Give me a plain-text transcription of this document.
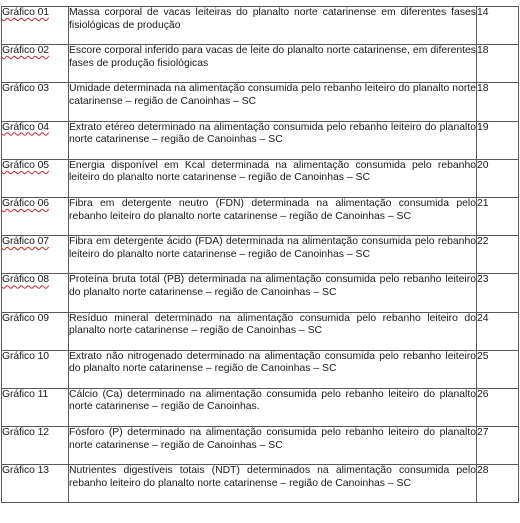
Gráfico 01	Massa corporal de vacas leiteiras do planalto norte catarinense em diferentes fases fisiológicas de produção	14
Gráfico 02	Escore corporal inferido para vacas de leite do planalto norte catarinense, em diferentes fases de produção fisiológicas	18
Gráfico 03	Umidade determinada na alimentação consumida pelo rebanho leiteiro do planalto norte catarinense – região de Canoinhas – SC	18
Gráfico 04	Extrato etéreo determinado na alimentação consumida pelo rebanho leiteiro do planalto norte catarinense – região de Canoinhas – SC	19
Gráfico 05	Energia disponível em Kcal determinada na alimentação consumida pelo rebanho leiteiro do planalto norte catarinense – região de Canoinhas – SC	20
Gráfico 06	Fibra em detergente neutro (FDN) determinada na alimentação consumida pelo rebanho leiteiro do planalto norte catarinense – região de Canoinhas – SC	21
Gráfico 07	Fibra em detergente ácido (FDA) determinada na alimentação consumida pelo rebanho leiteiro do planalto norte catarinense – região de Canoinhas – SC	22
Gráfico 08	Proteína bruta total (PB) determinada na alimentação consumida pelo rebanho leiteiro do planalto norte catarinense – região de Canoinhas – SC	23
Gráfico 09	Resíduo mineral determinado na alimentação consumida pelo rebanho leiteiro do planalto norte catarinense – região de Canoinhas – SC	24
Gráfico 10	Extrato não nitrogenado determinado na alimentação consumida pelo rebanho leiteiro do planalto norte catarinense – região de Canoinhas – SC	25
Gráfico 11	Cálcio (Ca) determinado na alimentação consumida pelo rebanho leiteiro do planalto norte catarinense – região de Canoinhas.	26
Gráfico 12	Fósforo (P) determinado na alimentação consumida pelo rebanho leiteiro do planalto norte catarinense – região de Canoinhas – SC	27
Gráfico 13	Nutrientes digestíveis totais (NDT) determinados na alimentação consumida pelo rebanho leiteiro do planalto norte catarinense – região de Canoinhas – SC	28
